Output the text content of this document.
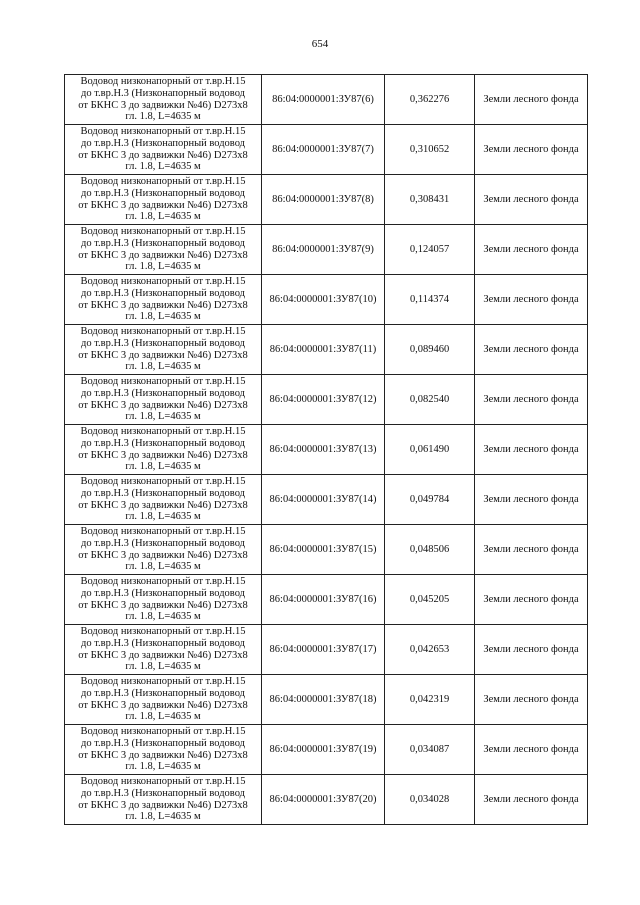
654
Водовод низконапорный от т.вр.Н.15
до т.вр.Н.3 (Низконапорный водовод
от БКНС 3 до задвижки №46) D273x8
гл. 1.8, L=4635 м	86:04:0000001:ЗУ87(6)	0,362276	Земли лесного фонда
Водовод низконапорный от т.вр.Н.15
до т.вр.Н.3 (Низконапорный водовод
от БКНС 3 до задвижки №46) D273x8
гл. 1.8, L=4635 м	86:04:0000001:ЗУ87(7)	0,310652	Земли лесного фонда
Водовод низконапорный от т.вр.Н.15
до т.вр.Н.3 (Низконапорный водовод
от БКНС 3 до задвижки №46) D273x8
гл. 1.8, L=4635 м	86:04:0000001:ЗУ87(8)	0,308431	Земли лесного фонда
Водовод низконапорный от т.вр.Н.15
до т.вр.Н.3 (Низконапорный водовод
от БКНС 3 до задвижки №46) D273x8
гл. 1.8, L=4635 м	86:04:0000001:ЗУ87(9)	0,124057	Земли лесного фонда
Водовод низконапорный от т.вр.Н.15
до т.вр.Н.3 (Низконапорный водовод
от БКНС 3 до задвижки №46) D273x8
гл. 1.8, L=4635 м	86:04:0000001:ЗУ87(10)	0,114374	Земли лесного фонда
Водовод низконапорный от т.вр.Н.15
до т.вр.Н.3 (Низконапорный водовод
от БКНС 3 до задвижки №46) D273x8
гл. 1.8, L=4635 м	86:04:0000001:ЗУ87(11)	0,089460	Земли лесного фонда
Водовод низконапорный от т.вр.Н.15
до т.вр.Н.3 (Низконапорный водовод
от БКНС 3 до задвижки №46) D273x8
гл. 1.8, L=4635 м	86:04:0000001:ЗУ87(12)	0,082540	Земли лесного фонда
Водовод низконапорный от т.вр.Н.15
до т.вр.Н.3 (Низконапорный водовод
от БКНС 3 до задвижки №46) D273x8
гл. 1.8, L=4635 м	86:04:0000001:ЗУ87(13)	0,061490	Земли лесного фонда
Водовод низконапорный от т.вр.Н.15
до т.вр.Н.3 (Низконапорный водовод
от БКНС 3 до задвижки №46) D273x8
гл. 1.8, L=4635 м	86:04:0000001:ЗУ87(14)	0,049784	Земли лесного фонда
Водовод низконапорный от т.вр.Н.15
до т.вр.Н.3 (Низконапорный водовод
от БКНС 3 до задвижки №46) D273x8
гл. 1.8, L=4635 м	86:04:0000001:ЗУ87(15)	0,048506	Земли лесного фонда
Водовод низконапорный от т.вр.Н.15
до т.вр.Н.3 (Низконапорный водовод
от БКНС 3 до задвижки №46) D273x8
гл. 1.8, L=4635 м	86:04:0000001:ЗУ87(16)	0,045205	Земли лесного фонда
Водовод низконапорный от т.вр.Н.15
до т.вр.Н.3 (Низконапорный водовод
от БКНС 3 до задвижки №46) D273x8
гл. 1.8, L=4635 м	86:04:0000001:ЗУ87(17)	0,042653	Земли лесного фонда
Водовод низконапорный от т.вр.Н.15
до т.вр.Н.3 (Низконапорный водовод
от БКНС 3 до задвижки №46) D273x8
гл. 1.8, L=4635 м	86:04:0000001:ЗУ87(18)	0,042319	Земли лесного фонда
Водовод низконапорный от т.вр.Н.15
до т.вр.Н.3 (Низконапорный водовод
от БКНС 3 до задвижки №46) D273x8
гл. 1.8, L=4635 м	86:04:0000001:ЗУ87(19)	0,034087	Земли лесного фонда
Водовод низконапорный от т.вр.Н.15
до т.вр.Н.3 (Низконапорный водовод
от БКНС 3 до задвижки №46) D273x8
гл. 1.8, L=4635 м	86:04:0000001:ЗУ87(20)	0,034028	Земли лесного фонда
